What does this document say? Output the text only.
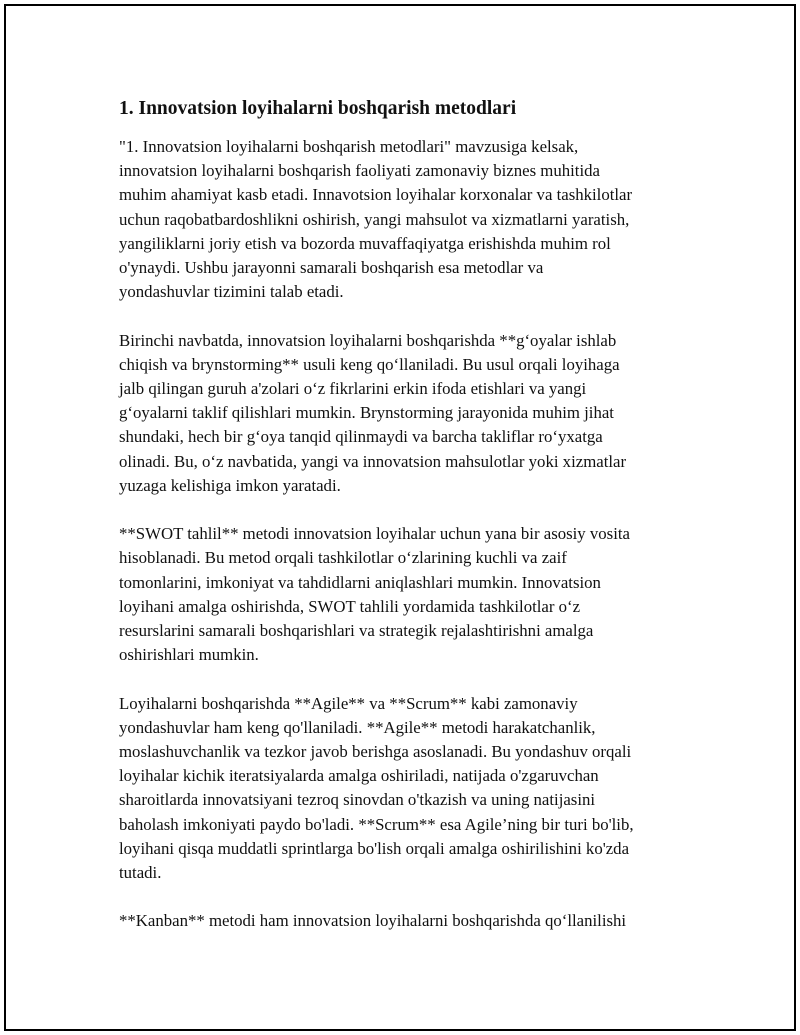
1. Innovatsion loyihalarni boshqarish metodlari

"1. Innovatsion loyihalarni boshqarish metodlari" mavzusiga kelsak,
innovatsion loyihalarni boshqarish faoliyati zamonaviy biznes muhitida
muhim ahamiyat kasb etadi. Innavotsion loyihalar korxonalar va tashkilotlar
uchun raqobatbardoshlikni oshirish, yangi mahsulot va xizmatlarni yaratish,
yangiliklarni joriy etish va bozorda muvaffaqiyatga erishishda muhim rol
o'ynaydi. Ushbu jarayonni samarali boshqarish esa metodlar va
yondashuvlar tizimini talab etadi.

Birinchi navbatda, innovatsion loyihalarni boshqarishda **g‘oyalar ishlab
chiqish va brynstorming** usuli keng qo‘llaniladi. Bu usul orqali loyihaga
jalb qilingan guruh a'zolari o‘z fikrlarini erkin ifoda etishlari va yangi
g‘oyalarni taklif qilishlari mumkin. Brynstorming jarayonida muhim jihat
shundaki, hech bir g‘oya tanqid qilinmaydi va barcha takliflar ro‘yxatga
olinadi. Bu, o‘z navbatida, yangi va innovatsion mahsulotlar yoki xizmatlar
yuzaga kelishiga imkon yaratadi.

**SWOT tahlil** metodi innovatsion loyihalar uchun yana bir asosiy vosita
hisoblanadi. Bu metod orqali tashkilotlar o‘zlarining kuchli va zaif
tomonlarini, imkoniyat va tahdidlarni aniqlashlari mumkin. Innovatsion
loyihani amalga oshirishda, SWOT tahlili yordamida tashkilotlar o‘z
resurslarini samarali boshqarishlari va strategik rejalashtirishni amalga
oshirishlari mumkin.

Loyihalarni boshqarishda **Agile** va **Scrum** kabi zamonaviy
yondashuvlar ham keng qo'llaniladi. **Agile** metodi harakatchanlik,
moslashuvchanlik va tezkor javob berishga asoslanadi. Bu yondashuv orqali
loyihalar kichik iteratsiyalarda amalga oshiriladi, natijada o'zgaruvchan
sharoitlarda innovatsiyani tezroq sinovdan o'tkazish va uning natijasini
baholash imkoniyati paydo bo'ladi. **Scrum** esa Agile’ning bir turi bo'lib,
loyihani qisqa muddatli sprintlarga bo'lish orqali amalga oshirilishini ko'zda
tutadi.

**Kanban** metodi ham innovatsion loyihalarni boshqarishda qo‘llanilishi
